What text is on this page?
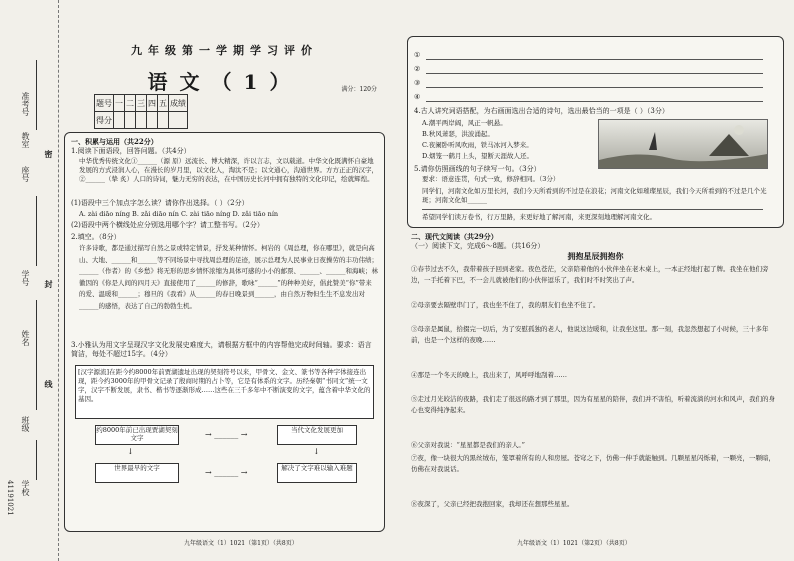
准考号
教室
座号
学号
姓名
班级
学校
41191021
密
封
线
九年级第一学期学习评价
语文（1）	满分：120分
题号	一	二	三	四	五	成绩
得分						
一、积累与运用（共22分）
1.阅读下面语段，回答问题。（共4分）
中华优秀传统文化①______（源 原）远流长、博大精深，许以言志，文以载道。中华文化既满怀自豪地发展的方式浸润人心，在漫长的岁月里，以文化人，淘汰不是；以文通心，沟通世界。方方正正的汉字，②______（挚 炙）人口的诗词，魅力无穷的表达，在中国历史长河中拥有独特的文化印记，绘就辉煌。
(1)语段中三个加点字怎么读？请你作出选择。（ ）（2分）
A. zài diāo níng B. zǎi diāo nín C. zài tiāo níng D. zǎi tiāo nín
(2)语段中两个横线处应分别选用哪个字？请工整书写。（2分）
2.填空。（8分）
许多诗歌，都是通过描写自然之景或特定情景，抒发某种情怀。柯岩的《周总理，你在哪里》，就是向高山、大地、______和______等不同场景中寻找周总理的足迹，展示总理为人民事业日夜操劳的丰功伟绩；______（作者）的《乡愁》将无形的思乡情怀浓缩为具体可感的小小的邮票、______、______和海峡；林徽因的《你是人间的四月天》直接使用了______的修辞，歌咏“______”的种种美好，倡此赞美“你”带来的爱、温暖和______；穆旦的《我看》从______的春日晚景到______，由自然万物但生生不息发出对______的感悟，表达了自己的勃勃生机。
3.小雅认为用文字呈现汉字文化发展史难度大，请根据方框中的内容帮他完成时间轴。要求：语言简洁，每处不超过15字。（4分）
[汉字源流]在距今约8000年前贾湖遗址出现的契刻符号以来，甲骨文、金文、篆书等各种字体接连出现，距今约3000年的甲骨文记录了殷商时期的占卜等，它是有体系的文字。历经秦朝“书同文”统一文字，汉字不断发展，隶书、楷书等逐渐形成……这些在三千多年中不断演变的文字，蕴含着中华文化的基因。
约8000年前已出现贾湖契刻文字	→ ______ →	当代文化发展更加
↓	↓
世界最早的文字	→ ______ →	解决了文字难以输入难题
九年级语文（1）1021（第1页）（共8页）
①
②
③
④
4.古人讲究词语搭配，为右画面选出合适的诗句，选出最恰当的一项是（ ）（3分）
A.潮平两岸阔，风正一帆悬。
B.秋风萧瑟，洪波涌起。
C.夜阑卧听风吹雨，铁马冰河入梦来。
D.烟笼一鹤月上头，望断天涯故人还。
5.请你仿照画线的句子续写一句。（3分）
要求：语意连贯，句式一致，修辞相同。（3分）
同学们，河南文化如万里长河，我们今天所看到的不过是在浪花；河南文化如璀璨星辰，我们今天所看到的不过是几个光斑；河南文化如______
希望同学们读万卷书，行万里路，来更好地了解河南，来更深刻地理解河南文化。
二、现代文阅读（共29分）
（一）阅读下文，完成6～8题。（共16分）
拥抱星辰拥抱你
①春节过去不久，我带着孩子回到老家。夜色苍茫，父亲陪着他的小伙伴坐在老木桌上，一本正经地打起了牌。我坐在他们旁边，一手托着下巴，不一会儿就被他们的小伙伴逗乐了，我们时不时笑出了声。
②母亲要去隔壁串门了，我也坐不住了，我的朋友们也坐不住了。
③母亲是属鼠，拾掇完一切后，为了安慰孤独的老人，他说这边暖和，让我坐这里。那一刻，我忽然想起了小时候，三十多年前，也是一个这样的夜晚……
④那是一个冬天的晚上，我出来了，风呼呼地刮着……
⑤走过月光皎洁的夜路，我们走了很远的路才到了那里，因为有星星的陪伴，我们并不害怕，听着流淌的河水和风声，我们的身心也变得纯净起来。
⑥父亲对我说：“星星都是我们的亲人。”
⑦夜，像一块很大的黑丝绒布，笼罩着所有的人和房屋。苍穹之下，仿佛一伸手就能触到。几颗星星闪烁着，一颗亮，一颗暗，仿佛在对我说话。
⑧夜深了，父亲已经把我抱回家，我却还在想那些星星。
九年级语文（1）1021（第2页）（共8页）
